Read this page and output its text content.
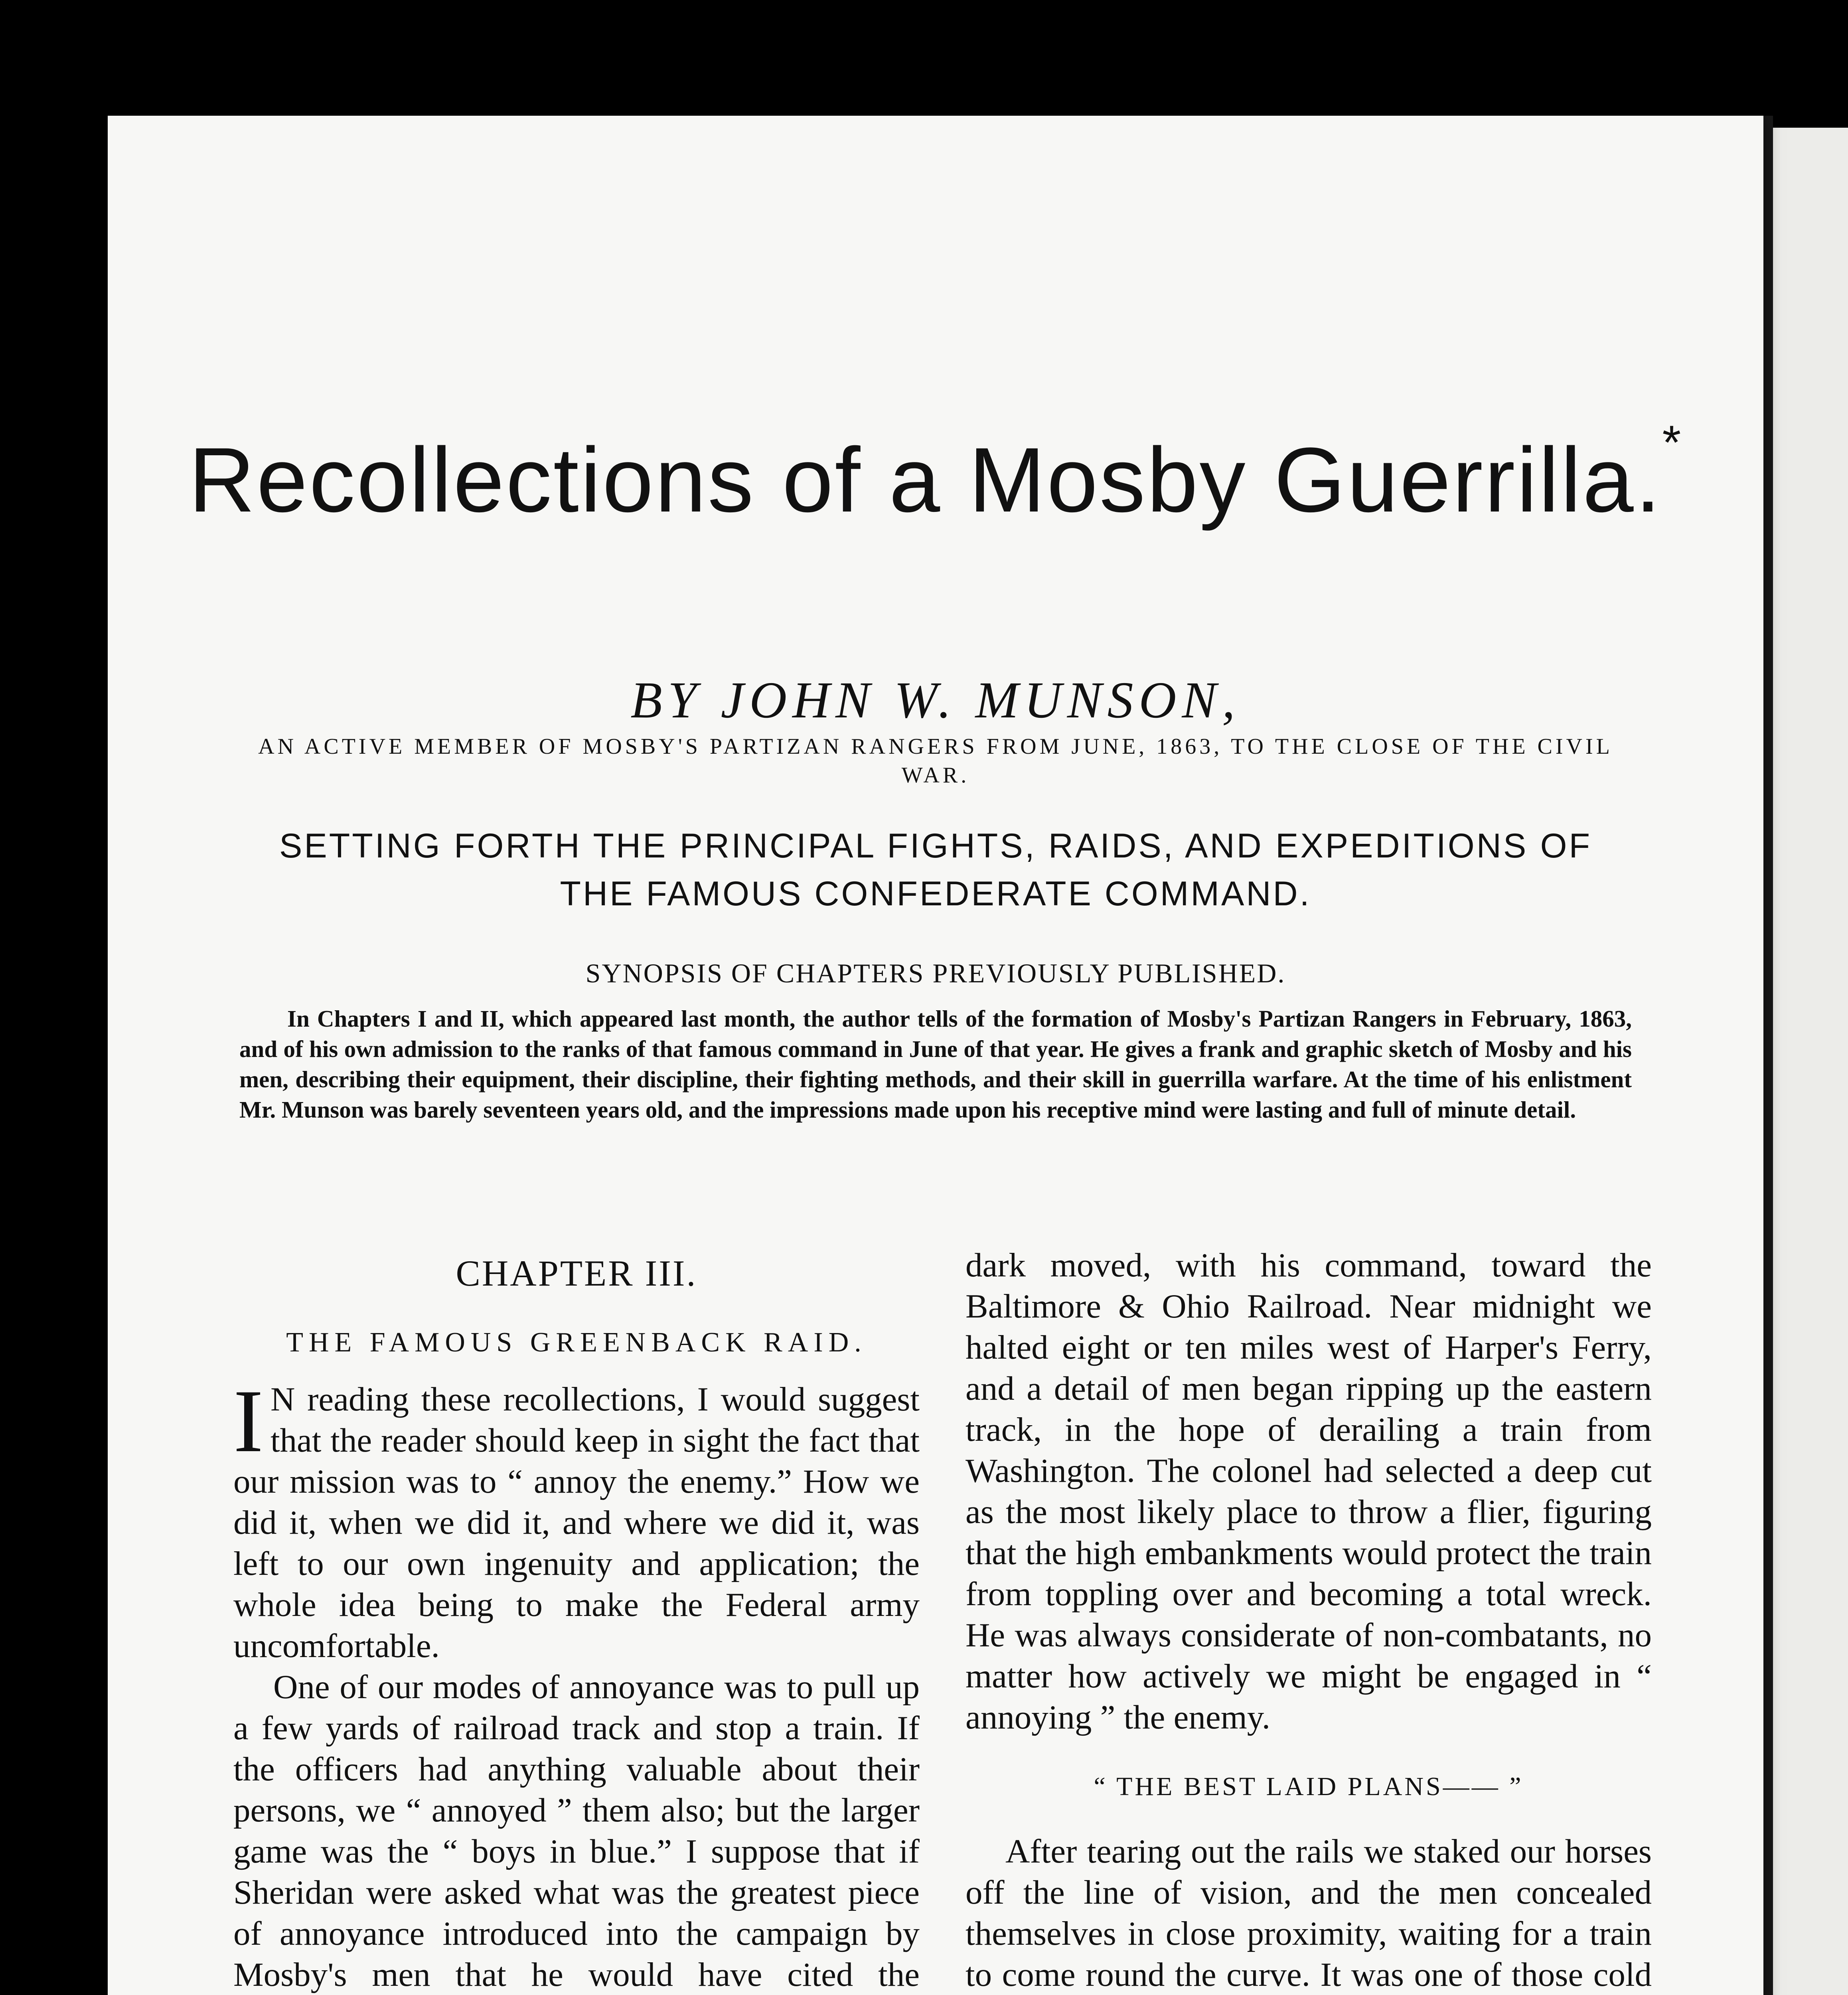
Recollections of a Mosby Guerrilla.*
BY JOHN W. MUNSON,
AN ACTIVE MEMBER OF MOSBY'S PARTIZAN RANGERS FROM JUNE, 1863, TO THE CLOSE OF THE CIVIL WAR.
SETTING FORTH THE PRINCIPAL FIGHTS, RAIDS, AND EXPEDITIONS OF THE FAMOUS CONFEDERATE COMMAND.
SYNOPSIS OF CHAPTERS PREVIOUSLY PUBLISHED.

In Chapters I and II, which appeared last month, the author tells of the formation of Mosby's Partizan Rangers in February, 1863, and of his own admission to the ranks of that famous command in June of that year. He gives a frank and graphic sketch of Mosby and his men, describing their equipment, their discipline, their fighting methods, and their skill in guerrilla warfare. At the time of his enlistment Mr. Munson was barely seventeen years old, and the impressions made upon his receptive mind were lasting and full of minute detail.

CHAPTER III.
THE FAMOUS GREENBACK RAID.

I N reading these recollections, I would suggest that the reader should keep in sight the fact that our mission was to “ annoy the enemy.” How we did it, when we did it, and where we did it, was left to our own ingenuity and application; the whole idea being to make the Federal army uncomfortable.

One of our modes of annoyance was to pull up a few yards of railroad track and stop a train. If the officers had anything valuable about their persons, we “ annoyed ” them also; but the larger game was the “ boys in blue.” I suppose that if Sheridan were asked what was the greatest piece of annoyance introduced into the campaign by Mosby's men that he would have cited the

dark moved, with his command, toward the Baltimore & Ohio Railroad. Near midnight we halted eight or ten miles west of Harper's Ferry, and a detail of men began ripping up the eastern track, in the hope of derailing a train from Washington. The colonel had selected a deep cut as the most likely place to throw a flier, figuring that the high embankments would protect the train from toppling over and becoming a total wreck. He was always considerate of non-combatants, no matter how actively we might be engaged in “ annoying ” the enemy.

“ THE BEST LAID PLANS—— ”

After tearing out the rails we staked our horses off the line of vision, and the men concealed themselves in close proximity, waiting for a train to come round the curve. It was one of those cold
